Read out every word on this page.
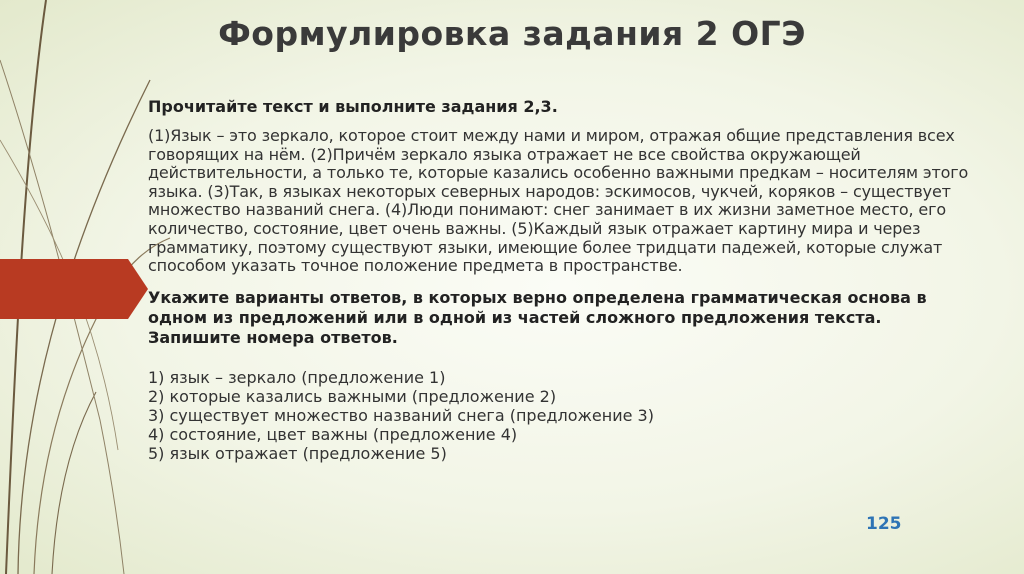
Формулировка задания 2 ОГЭ

Прочитайте текст и выполните задания 2,3.

(1)Язык – это зеркало, которое стоит между нами и миром, отражая общие представления всех говорящих на нём. (2)Причём зеркало языка отражает не все свойства окружающей действительности, а только те, которые казались особенно важными предкам – носителям этого языка. (3)Так, в языках некоторых северных народов: эскимосов, чукчей, коряков – существует множество названий снега. (4)Люди понимают: снег занимает в их жизни заметное место, его количество, состояние, цвет очень важны. (5)Каждый язык отражает картину мира и через грамматику, поэтому существуют языки, имеющие более тридцати падежей, которые служат способом указать точное положение предмета в пространстве.

Укажите варианты ответов, в которых верно определена грамматическая основа в одном из предложений или в одной из частей сложного предложения текста. Запишите номера ответов.

1) язык – зеркало (предложение 1)
2) которые казались важными (предложение 2)
3) существует множество названий снега (предложение 3)
4) состояние, цвет важны (предложение 4)
5) язык отражает (предложение 5)
125
